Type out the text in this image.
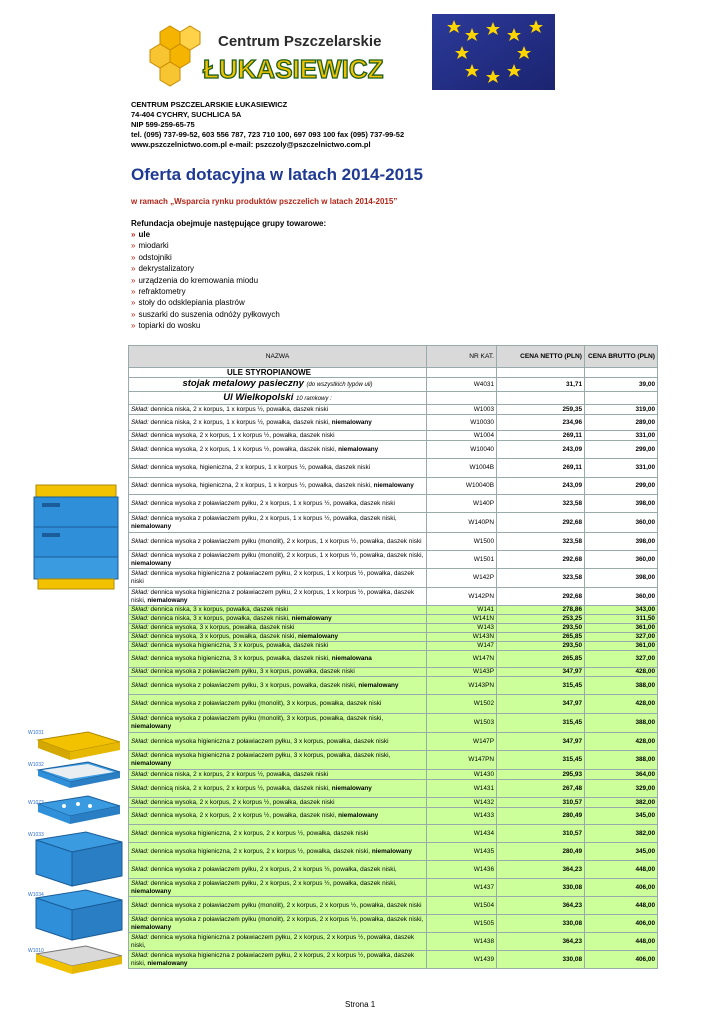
Centrum Pszczelarskie
ŁUKASIEWICZ
CENTRUM PSZCZELARSKIE ŁUKASIEWICZ
74-404 CYCHRY, SUCHLICA 5A
NIP 599-259-65-75
tel. (095) 737-99-52, 603 556 787, 723 710 100, 697 093 100 fax (095) 737-99-52
www.pszczelnictwo.com.pl e-mail: pszczoly@pszczelnictwo.com.pl
Oferta dotacyjna w latach 2014-2015
w ramach „Wsparcia rynku produktów pszczelich w latach 2014-2015”
Refundacja obejmuje następujące grupy towarowe:
» ule
» miodarki
» odstojniki
» dekrystalizatory
» urządzenia do kremowania miodu
» refraktometry
» stoły do odsklepiania plastrów
» suszarki do suszenia odnóży pyłkowych
» topiarki do wosku
NAZWA	NR KAT.	CENA NETTO (PLN)	CENA BRUTTO (PLN)
ULE STYROPIANOWE			
stojak metalowy pasieczny (do wszystkich typów uli)	W4031	31,71	39,00
Ul Wielkopolski 10 ramkowy :			
Skład: dennica niska, 2 x korpus, 1 x korpus ½, powałka, daszek niski	W1003	259,35	319,00
Skład: dennica niska, 2 x korpus, 1 x korpus ½, powałka, daszek niski, niemalowany	W10030	234,96	289,00
Skład: dennica wysoka, 2 x korpus, 1 x korpus ½, powałka, daszek niski	W1004	269,11	331,00
Skład: dennica wysoka, 2 x korpus, 1 x korpus ½, powałka, daszek niski, niemalowany	W10040	243,09	299,00
Skład: dennica wysoka, higieniczna, 2 x korpus, 1 x korpus ½, powałka, daszek niski	W1004B	269,11	331,00
Skład: dennica wysoka, higieniczna, 2 x korpus, 1 x korpus ½, powałka, daszek niski, niemalowany	W10040B	243,09	299,00
Skład: dennica wysoka z poławiaczem pyłku, 2 x korpus, 1 x korpus ½, powałka, daszek niski	W140P	323,58	398,00
Skład: dennica wysoka z poławiaczem pyłku, 2 x korpus, 1 x korpus ½, powałka, daszek niski, niemalowany	W140PN	292,68	360,00
Skład: dennica wysoka z poławiaczem pyłku (monolit), 2 x korpus, 1 x korpus ½, powałka, daszek niski	W1500	323,58	398,00
Skład: dennica wysoka z poławiaczem pyłku (monolit), 2 x korpus, 1 x korpus ½, powałka, daszek niski, niemalowany	W1501	292,68	360,00
Skład: dennica wysoka higieniczna z poławiaczem pyłku, 2 x korpus, 1 x korpus ½, powałka, daszek niski	W142P	323,58	398,00
Skład: dennica wysoka higieniczna z poławiaczem pyłku, 2 x korpus, 1 x korpus ½, powałka, daszek niski, niemalowany	W142PN	292,68	360,00
Skład: dennica niska, 3 x korpus, powałka, daszek niski	W141	278,86	343,00
Skład: dennica niska, 3 x korpus, powałka, daszek niski, niemalowany	W141N	253,25	311,50
Skład: dennica wysoka, 3 x korpus, powałka, daszek niski	W143	293,50	361,00
Skład: dennica wysoka, 3 x korpus, powałka, daszek niski, niemalowany	W143N	265,85	327,00
Skład: dennica wysoka higieniczna, 3 x korpus, powałka, daszek niski	W147	293,50	361,00
Skład: dennica wysoka higieniczna, 3 x korpus, powałka, daszek niski, niemalowana	W147N	265,85	327,00
Skład: dennica wysoka z poławiaczem pyłku, 3 x korpus, powałka, daszek niski	W143P	347,97	428,00
Skład: dennica wysoka z poławiaczem pyłku, 3 x korpus, powałka, daszek niski, niemalowany	W143PN	315,45	388,00
Skład: dennica wysoka z poławiaczem pyłku (monolit), 3 x korpus, powałka, daszek niski	W1502	347,97	428,00
Skład: dennica wysoka z poławiaczem pyłku (monolit), 3 x korpus, powałka, daszek niski, niemalowany	W1503	315,45	388,00
Skład: dennica wysoka higieniczna z poławiaczem pyłku, 3 x korpus, powałka, daszek niski	W147P	347,97	428,00
Skład: dennica wysoka higieniczna z poławiaczem pyłku, 3 x korpus, powałka, daszek niski, niemalowany	W147PN	315,45	388,00
Skład: dennica niska, 2 x korpus, 2 x korpus ½, powałka, daszek niski	W1430	295,93	364,00
Skład: dennicą niska, 2 x korpus, 2 x korpus ½, powałka, daszek niski, niemalowany	W1431	267,48	329,00
Skład: dennica wysoka, 2 x korpus, 2 x korpus ½, powałka, daszek niski	W1432	310,57	382,00
Skład: dennica wysoka, 2 x korpus, 2 x korpus ½, powałka, daszek niski, niemalowany	W1433	280,49	345,00
Skład: dennica wysoka higieniczna, 2 x korpus, 2 x korpus ½, powałka, daszek niski	W1434	310,57	382,00
Skład: dennica wysoka higieniczna, 2 x korpus, 2 x korpus ½, powałka, daszek niski, niemalowany	W1435	280,49	345,00
Skład: dennica wysoka z poławiaczem pyłku, 2 x korpus, 2 x korpus ½, powałka, daszek niski,	W1436	364,23	448,00
Skład: dennica wysoka z poławiaczem pyłku, 2 x korpus, 2 x korpus ½, powałka, daszek niski, niemalowany	W1437	330,08	406,00
Skład: dennica wysoka z poławiaczem pyłku (monolit), 2 x korpus, 2 x korpus ½, powałka, daszek niski	W1504	364,23	448,00
Skład: dennica wysoka z poławiaczem pyłku (monolit), 2 x korpus, 2 x korpus ½, powałka, daszek niski, niemalowany	W1505	330,08	406,00
Skład: dennica wysoka higieniczna z poławiaczem pyłku, 2 x korpus, 2 x korpus ½, powałka, daszek niski,	W1438	364,23	448,00
Skład: dennica wysoka higieniczna z poławiaczem pyłku, 2 x korpus, 2 x korpus ½, powałka, daszek niski, niemalowany	W1439	330,08	406,00
W1031
W1032
W1073
W1033
W1034
W1010
Strona 1
